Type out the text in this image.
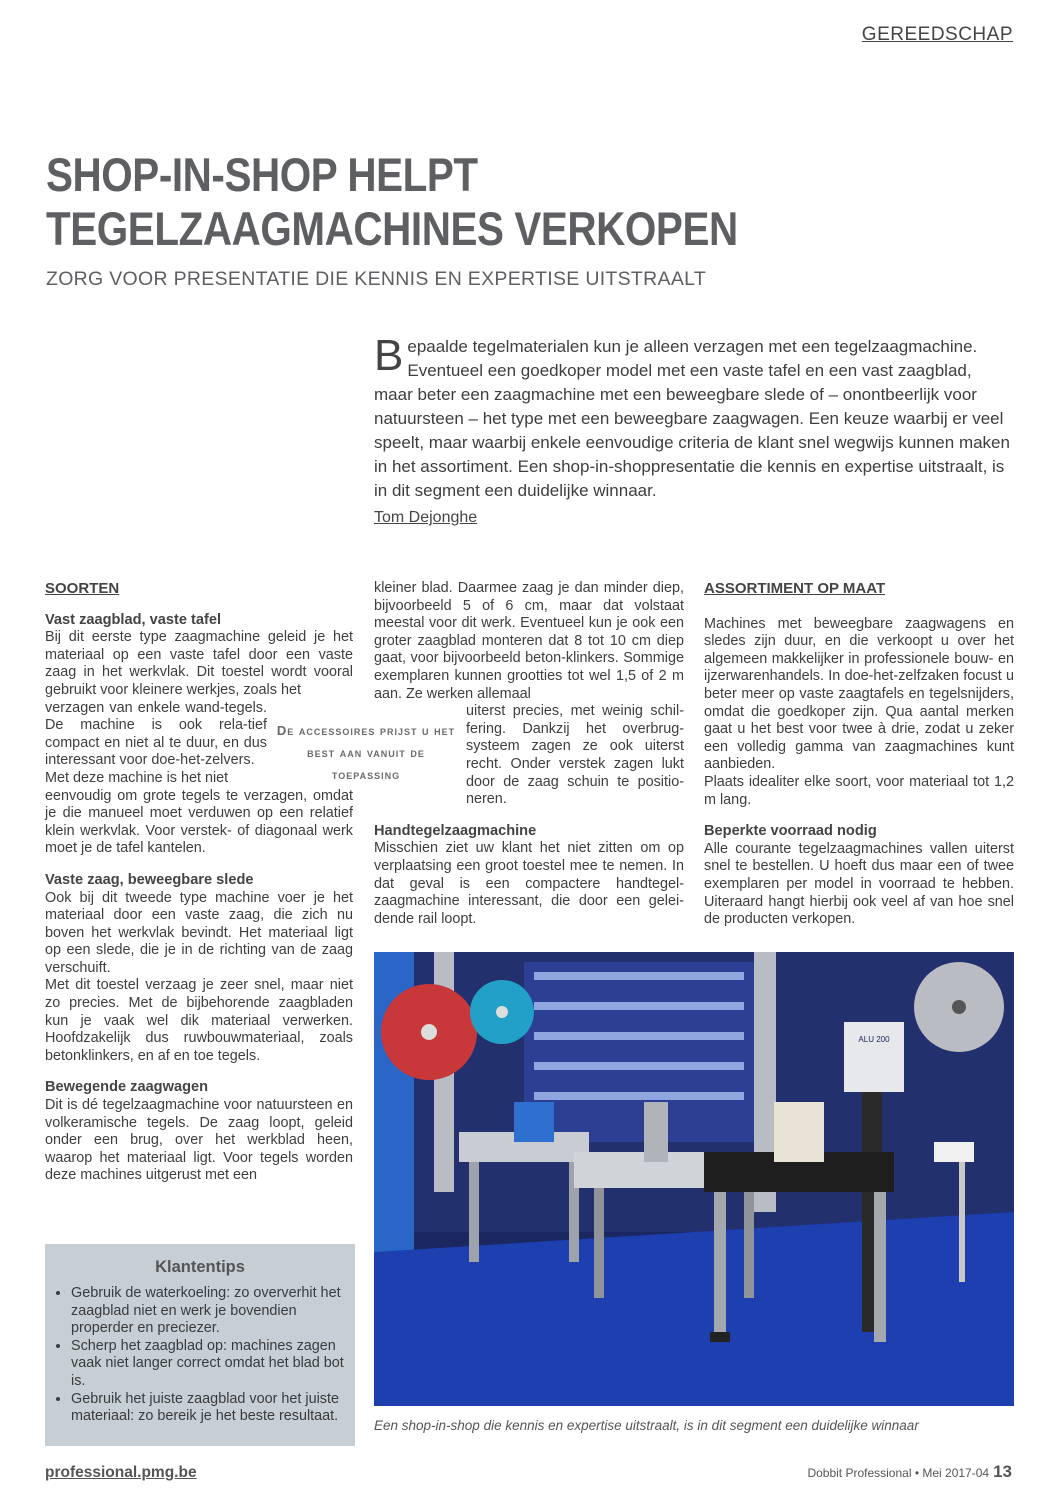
GEREEDSCHAP
SHOP-IN-SHOP HELPT
TEGELZAAGMACHINES VERKOPEN
ZORG VOOR PRESENTATIE DIE KENNIS EN EXPERTISE UITSTRAALT
Bepaalde tegelmaterialen kun je alleen verzagen met een tegelzaagmachine. Eventueel een goedkoper model met een vaste tafel en een vast zaagblad, maar beter een zaagmachine met een beweegbare slede of – onontbeerlijk voor natuursteen – het type met een beweegbare zaagwagen. Een keuze waarbij er veel speelt, maar waarbij enkele eenvoudige criteria de klant snel wegwijs kunnen maken in het assortiment. Een shop-in-shoppresentatie die kennis en expertise uitstraalt, is in dit segment een duidelijke winnaar.
Tom Dejonghe
SOORTEN
Vast zaagblad, vaste tafel

Bij dit eerste type zaagmachine geleid je het materiaal op een vaste tafel door een vaste zaag in het werkvlak. Dit toestel wordt vooral gebruikt voor kleinere werkjes, zoals het

verzagen van enkele wand-tegels. De machine is ook rela-tief compact en niet al te duur, en dus interessant voor doe-het-zelvers.

Met deze machine is het niet

eenvoudig om grote tegels te verzagen, omdat je die manueel moet verduwen op een relatief klein werkvlak. Voor verstek- of diagonaal werk moet je de tafel kantelen.

Vaste zaag, beweegbare slede

Ook bij dit tweede type machine voer je het materiaal door een vaste zaag, die zich nu boven het werkvlak bevindt. Het materiaal ligt op een slede, die je in de richting van de zaag verschuift.

Met dit toestel verzaag je zeer snel, maar niet zo precies. Met de bijbehorende zaagbladen kun je vaak wel dik materiaal verwerken. Hoofdzakelijk dus ruwbouwmateriaal, zoals betonklinkers, en af en toe tegels.

Bewegende zaagwagen

Dit is dé tegelzaagmachine voor natuursteen en volkeramische tegels. De zaag loopt, geleid onder een brug, over het werkblad heen, waarop het materiaal ligt. Voor tegels worden deze machines uitgerust met een

De accessoires prijst u het best aan vanuit de toepassing

kleiner blad. Daarmee zaag je dan minder diep, bijvoorbeeld 5 of 6 cm, maar dat volstaat meestal voor dit werk. Eventueel kun je ook een groter zaagblad monteren dat 8 tot 10 cm diep gaat, voor bijvoorbeeld beton-klinkers. Sommige exemplaren kunnen grootties tot wel 1,5 of 2 m aan. Ze werken allemaal

uiterst precies, met weinig schil-fering. Dankzij het overbrug-systeem zagen ze ook uiterst recht. Onder verstek zagen lukt door de zaag schuin te positio-neren.

Handtegelzaagmachine

Misschien ziet uw klant het niet zitten om op verplaatsing een groot toestel mee te nemen. In dat geval is een compactere handtegel-zaagmachine interessant, die door een gelei-dende rail loopt.

ASSORTIMENT OP MAAT

Machines met beweegbare zaagwagens en sledes zijn duur, en die verkoopt u over het algemeen makkelijker in professionele bouw- en ijzerwarenhandels. In doe-het-zelfzaken focust u beter meer op vaste zaagtafels en tegelsnijders, omdat die goedkoper zijn. Qua aantal merken gaat u het best voor twee à drie, zodat u zeker een volledig gamma van zaagmachines kunt aanbieden.

Plaats idealiter elke soort, voor materiaal tot 1,2 m lang.

Beperkte voorraad nodig

Alle courante tegelzaagmachines vallen uiterst snel te bestellen. U hoeft dus maar een of twee exemplaren per model in voorraad te hebben. Uiteraard hangt hierbij ook veel af van hoe snel de producten verkopen.

Klantentips
• Gebruik de waterkoeling: zo oververhit het zaagblad niet en werk je bovendien properder en preciezer.
• Scherp het zaagblad op: machines zagen vaak niet langer correct omdat het blad bot is.
• Gebruik het juiste zaagblad voor het juiste materiaal: zo bereik je het beste resultaat.
ALU 200
Een shop-in-shop die kennis en expertise uitstraalt, is in dit segment een duidelijke winnaar
professional.pmg.be	Dobbit Professional • Mei 2017-04 13
